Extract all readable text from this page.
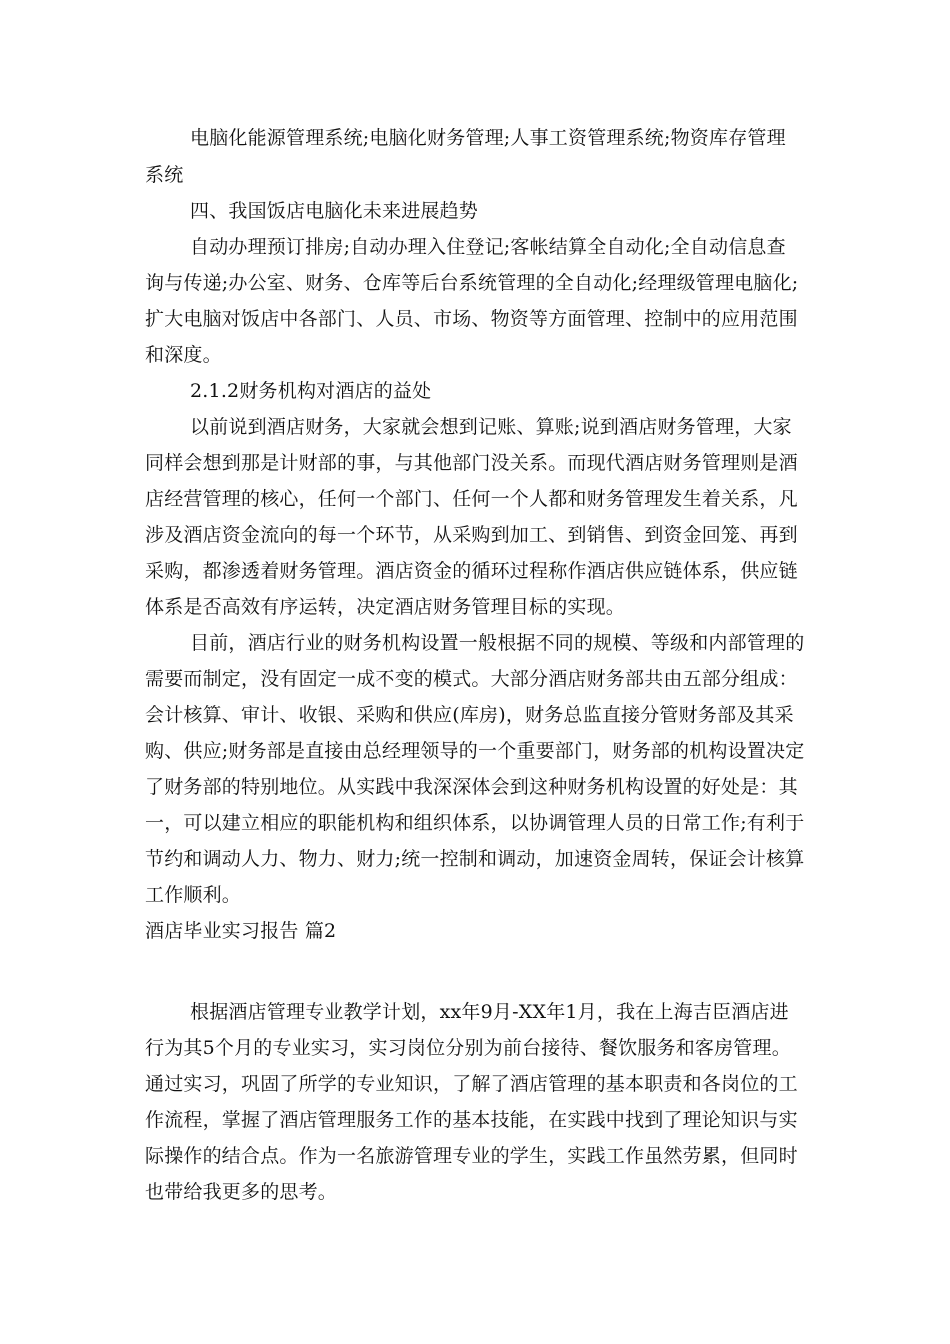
电脑化能源管理系统;电脑化财务管理;人事工资管理系统;物资库存管理
系统
四、我国饭店电脑化未来进展趋势
自动办理预订排房;自动办理入住登记;客帐结算全自动化;全自动信息查
询与传递;办公室、财务、仓库等后台系统管理的全自动化;经理级管理电脑化;
扩大电脑对饭店中各部门、人员、市场、物资等方面管理、控制中的应用范围
和深度。
2.1.2财务机构对酒店的益处
以前说到酒店财务，大家就会想到记账、算账;说到酒店财务管理，大家
同样会想到那是计财部的事，与其他部门没关系。而现代酒店财务管理则是酒
店经营管理的核心，任何一个部门、任何一个人都和财务管理发生着关系，凡
涉及酒店资金流向的每一个环节，从采购到加工、到销售、到资金回笼、再到
采购，都渗透着财务管理。酒店资金的循环过程称作酒店供应链体系，供应链
体系是否高效有序运转，决定酒店财务管理目标的实现。
目前，酒店行业的财务机构设置一般根据不同的规模、等级和内部管理的
需要而制定，没有固定一成不变的模式。大部分酒店财务部共由五部分组成：
会计核算、审计、收银、采购和供应(库房)，财务总监直接分管财务部及其采
购、供应;财务部是直接由总经理领导的一个重要部门，财务部的机构设置决定
了财务部的特别地位。从实践中我深深体会到这种财务机构设置的好处是：其
一，可以建立相应的职能机构和组织体系，以协调管理人员的日常工作;有利于
节约和调动人力、物力、财力;统一控制和调动，加速资金周转，保证会计核算
工作顺利。
酒店毕业实习报告 篇2
根据酒店管理专业教学计划，xx年9月-XX年1月，我在上海吉臣酒店进
行为其5个月的专业实习，实习岗位分别为前台接待、餐饮服务和客房管理。
通过实习，巩固了所学的专业知识，了解了酒店管理的基本职责和各岗位的工
作流程，掌握了酒店管理服务工作的基本技能，在实践中找到了理论知识与实
际操作的结合点。作为一名旅游管理专业的学生，实践工作虽然劳累，但同时
也带给我更多的思考。
